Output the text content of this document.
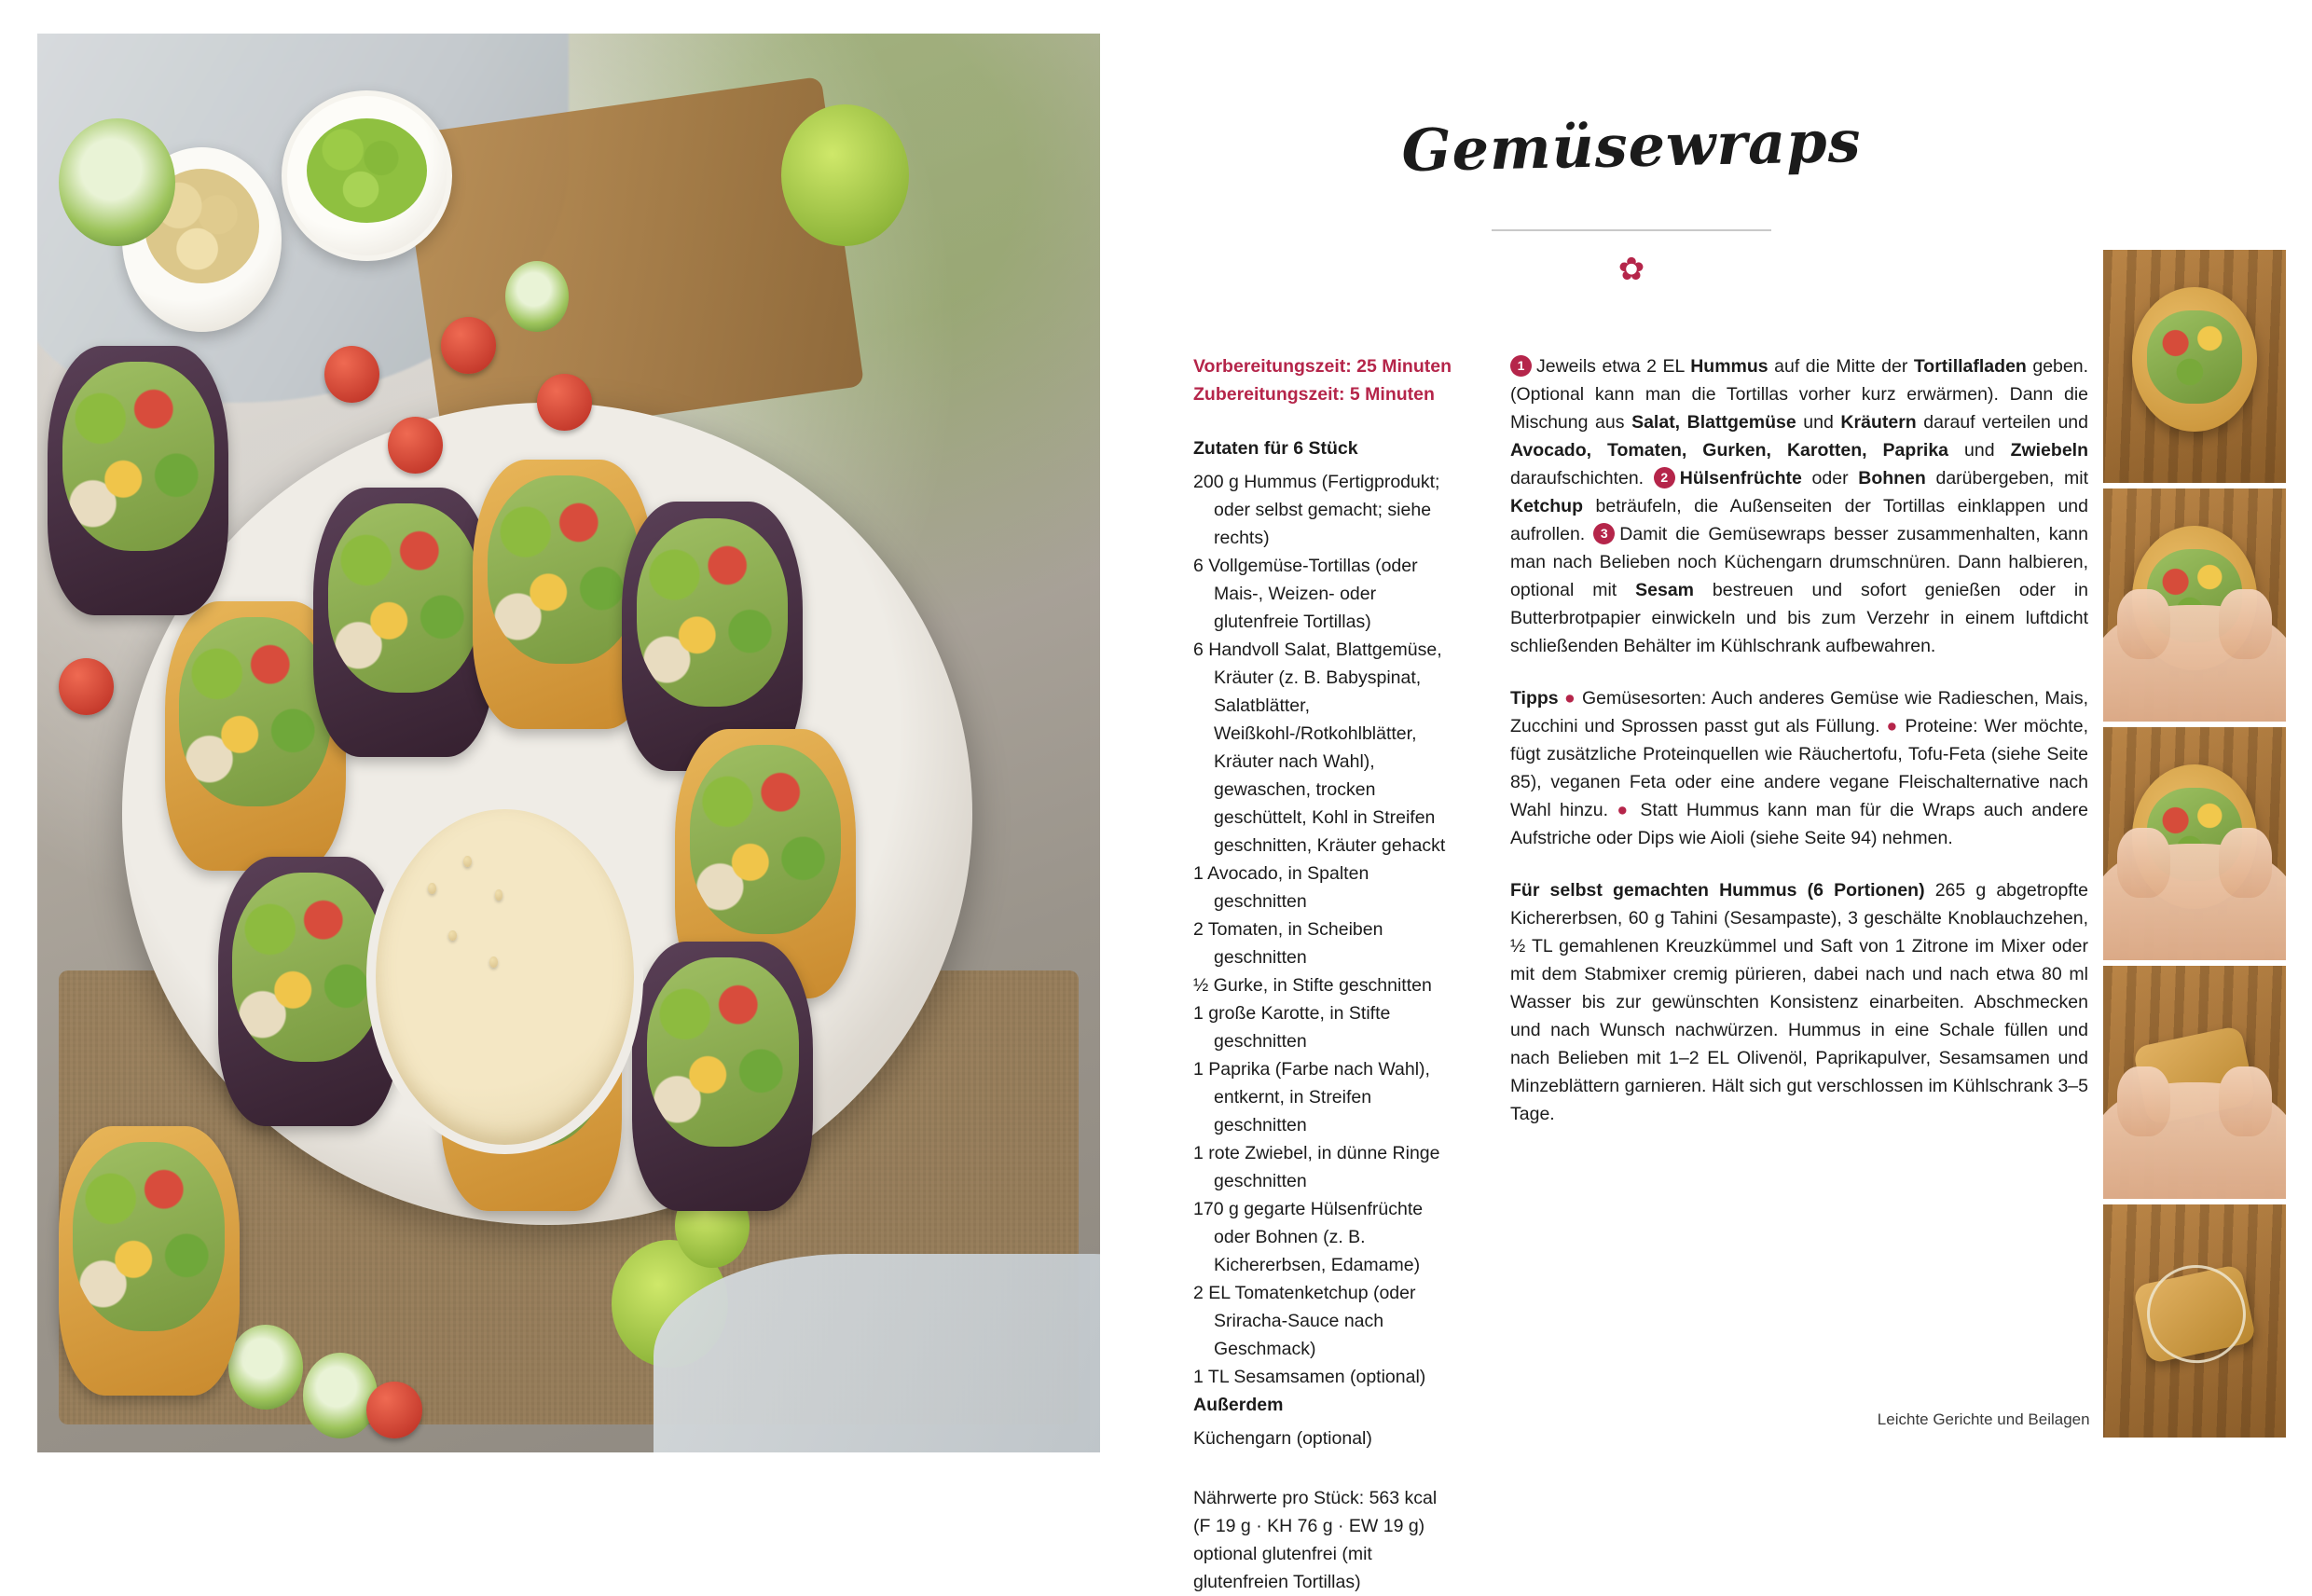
Gemüsewraps
✿
Vorbereitungszeit: 25 Minuten
Zubereitungszeit: 5 Minuten
Zutaten für 6 Stück
200 g Hummus (Fertigprodukt; oder selbst gemacht; siehe rechts)
6 Vollgemüse-Tortillas (oder Mais-, Weizen- oder glutenfreie Tortillas)
6 Handvoll Salat, Blattgemüse, Kräuter (z. B. Babyspinat, Salatblätter, Weißkohl-/Rotkohlblätter, Kräuter nach Wahl), gewaschen, trocken geschüttelt, Kohl in Streifen geschnitten, Kräuter gehackt
1 Avocado, in Spalten geschnitten
2 Tomaten, in Scheiben geschnitten
½ Gurke, in Stifte geschnitten
1 große Karotte, in Stifte geschnitten
1 Paprika (Farbe nach Wahl), entkernt, in Streifen geschnitten
1 rote Zwiebel, in dünne Ringe geschnitten
170 g gegarte Hülsenfrüchte oder Bohnen (z. B. Kichererbsen, Edamame)
2 EL Tomatenketchup (oder Sriracha-Sauce nach Geschmack)
1 TL Sesamsamen (optional)
Außerdem
Küchengarn (optional)
Nährwerte pro Stück: 563 kcal
(F 19 g · KH 76 g · EW 19 g)
optional glutenfrei (mit glutenfreien Tortillas)

1 Jeweils etwa 2 EL Hummus auf die Mitte der Tortillafladen geben. (Optional kann man die Tortillas vorher kurz erwärmen). Dann die Mischung aus Salat, Blattgemüse und Kräutern darauf verteilen und Avocado, Tomaten, Gurken, Karotten, Paprika und Zwiebeln daraufschichten. 2 Hülsenfrüchte oder Bohnen darübergeben, mit Ketchup beträufeln, die Außenseiten der Tortillas einklappen und aufrollen. 3 Damit die Gemüsewraps besser zusammenhalten, kann man nach Belieben noch Küchengarn drumschnüren. Dann halbieren, optional mit Sesam bestreuen und sofort genießen oder in Butterbrotpapier einwickeln und bis zum Verzehr in einem luftdicht schließenden Behälter im Kühlschrank aufbewahren.

Tipps ● Gemüsesorten: Auch anderes Gemüse wie Radieschen, Mais, Zucchini und Sprossen passt gut als Füllung. ● Proteine: Wer möchte, fügt zusätzliche Proteinquellen wie Räuchertofu, Tofu-Feta (siehe Seite 85), veganen Feta oder eine andere vegane Fleischalternative nach Wahl hinzu. ● Statt Hummus kann man für die Wraps auch andere Aufstriche oder Dips wie Aioli (siehe Seite 94) nehmen.

Für selbst gemachten Hummus (6 Portionen) 265 g abgetropfte Kichererbsen, 60 g Tahini (Sesampaste), 3 geschälte Knoblauchzehen, ½ TL gemahlenen Kreuzkümmel und Saft von 1 Zitrone im Mixer oder mit dem Stabmixer cremig pürieren, dabei nach und nach etwa 80 ml Wasser bis zur gewünschten Konsistenz einarbeiten. Abschmecken und nach Wunsch nachwürzen. Hummus in eine Schale füllen und nach Belieben mit 1–2 EL Olivenöl, Paprikapulver, Sesamsamen und Minzeblättern garnieren. Hält sich gut verschlossen im Kühlschrank 3–5 Tage.

Leichte Gerichte und Beilagen
